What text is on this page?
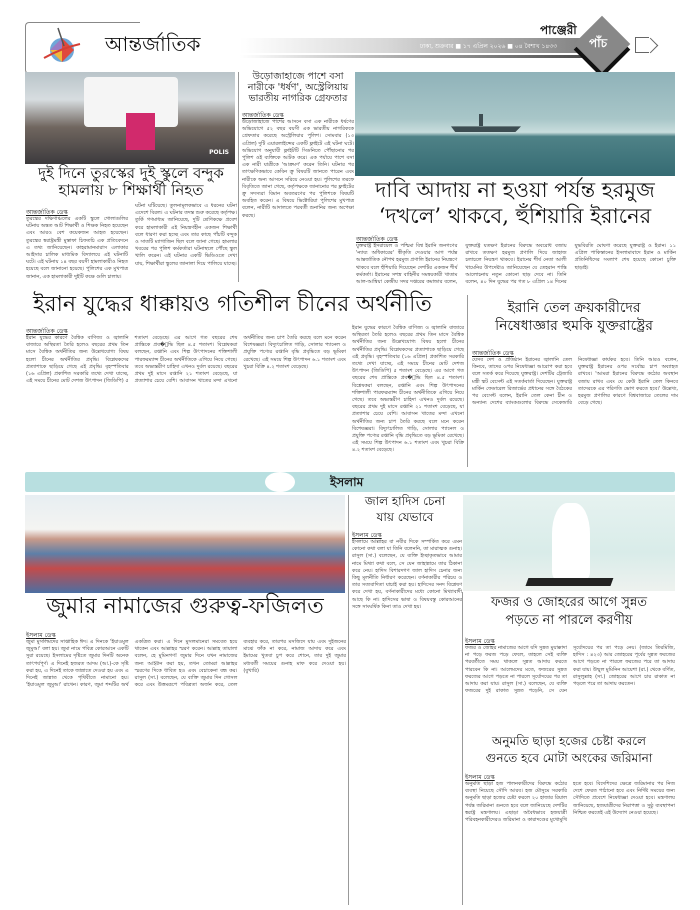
আন্তর্জাতিক
পাঞ্জেরী
ঢাকা, শুক্রবার ■ ১৭ এপ্রিল ২০২৬ ■ ০৪ বৈশাখ ১৪৩৩	পাঁচ
POLIS
দুই দিনে তুরস্কের দুই স্কুলে বন্দুক হামলায় ৮ শিক্ষার্থী নিহত
আন্তর্জাতিক ডেস্ক
তুরস্কের দক্ষিণাঞ্চলের একটি স্কুলে গোলাগুলির ঘটনায় অন্তত আট শিক্ষার্থী ও শিক্ষক নিহত হয়েছেন এবং আরও বেশ কয়েকজন আহত হয়েছেন। তুরস্কের স্বরাষ্ট্রমন্ত্রী মুস্তাফা চিফতচি এক প্রতিবেদনে এ তথ্য জানিয়েছেন। কাহরামানমারাস এলাকার আইসার চালিক মাধ্যমিক বিদ্যালয়ে এই ঘটনাটি ঘটে। এই ঘটনায় ১৪ বছর বয়সী হামলাকারীও নিহত হয়েছে বলে জানানো হয়েছে। পুলিশের এক মুখপাত্র জানান, এক হামলাকারী দুইটি কক্ষে গুলি চালায়।
ঘটনা ঘটিয়েছে। তুলনামূলকভাবে এ ধরনের ঘটনা এদেশে বিরল। এ ঘটনার তদন্ত শুরু করেছে কর্তৃপক্ষ। তুর্কি গণমাধ্যম জানিয়েছে, দুটি শ্রেণিকক্ষে প্রবেশ করে হামলাকারী এই নিয়ন্ত্রণহীন একজন শিক্ষার্থী বলে ধারণা করা হচ্ছে এবং তার কাছে পাঁচটি বন্দুক ও সাতটি ম্যাগাজিন ছিল বলে জানা গেছে। হামলার খবরের পর পুলিশ কর্মকর্তারা ঘটনাস্থলে পৌঁছে স্কুল খালি করেন। এই ঘটনার একটি ভিডিওতে দেখা যায়, শিক্ষার্থীরা স্কুলের জানালা দিয়ে পালিয়ে যাচ্ছে।
উড়োজাহাজে পাশে বসা নারীকে 'ধর্ষণ', অস্ট্রেলিয়ায় ভারতীয় নাগরিক গ্রেফতার
আন্তর্জাতিক ডেস্ক
উড়োজাহাজে পাশের আসনে বসা এক নারীকে ধর্ষণের অভিযোগে ৫২ বছর বয়সী এক ভারতীয় নাগরিককে গ্রেফতার করেছে অস্ট্রেলিয়ার পুলিশ। সোমবার (১৩ এপ্রিল) দুটি এয়ারলাইন্সের একটি ফ্লাইটে এই ঘটনা ঘটে। অভিযোগ অনুযায়ী ফ্লাইটটি সিডনিতে পৌঁছানোর পর পুলিশ ওই ব্যক্তিকে আটক করে। এক পর্যায়ে পাশে বসা এক নারী যাত্রীকে 'আক্রমণ' করেন তিনি। ঘটনার পর তাৎক্ষণিকভাবে কেবিন ক্রু বিষয়টি জানতে পারেন এবং নারীকে অন্য আসনে সরিয়ে নেওয়া হয়। পুলিশের তরফে বিবৃতিতে জানা গেছে, কর্তৃপক্ষকে জানানোর পর ফ্লাইটের ক্রু সদস্যরা বিমান অবতরণের পর পুলিশকে বিষয়টি অবহিত করেন। এ বিষয়ে ভিক্টোরিয়া পুলিশের মুখপাত্র বলেন, নারীটি আদালতে পরবর্তী শুনানির জন্য অপেক্ষা করছে।
দাবি আদায় না হওয়া পর্যন্ত হরমুজ
‘দখলে’ থাকবে, হুঁশিয়ারি ইরানের
আন্তর্জাতিক ডেস্ক
যুক্তরাষ্ট্র ইসরায়েল ও পশ্চিমা বিশ্ব ইরানি জনগণের 'ন্যায্য অধিকারের' স্বীকৃতি দেওয়ার আগ পর্যন্ত আন্তর্জাতিক নৌপথ হরমুজ প্রণালি ইরানের নিয়ন্ত্রণে থাকবে বলে হুঁশিয়ারি দিয়েছেন দেশটির একজন শীর্ষ কর্মকর্তা। ইরানের সশস্ত্র বাহিনীর সমন্বয়কারী খাতাম আল-আম্বিয়া কেন্দ্রীয় সদর দপ্তরের কমান্ডার বলেন, যুক্তরাষ্ট্র যতক্ষণ ইরানের বিরুদ্ধে অবরোধ বজায় রাখবে ততক্ষণ হরমুজ প্রণালি দিয়ে জাহাজ চলাচলে নিয়ন্ত্রণ থাকবে। ইরানের শীর্ষ নেতা আলী খামেনির উপদেষ্টাও জানিয়েছেন যে তেহরান শান্তি আলোচনায় নতুন কোনো ছাড় দেবে না। তিনি বলেন, ৪০ দিন যুদ্ধের পর গত ৮ এপ্রিল ১৪ দিনের যুদ্ধবিরতি ঘোষণা করেছে যুক্তরাষ্ট্র ও ইরান। ১১ এপ্রিল পাকিস্তানের ইসলামাবাদে ইরান ও মার্কিন প্রতিনিধিদের সংলাপ শেষ হয়েছে কোনো চুক্তি ছাড়াই।
ইরান যুদ্ধের ধাক্কায়ও গতিশীল চীনের অর্থনীতি
আন্তর্জাতিক ডেস্ক
ইরান যুদ্ধের কারণে বৈশ্বিক বাণিজ্য ও জ্বালানি বাজারে অস্থিরতা তৈরি হলেও বছরের প্রথম তিন মাসে বৈশ্বিক অর্থনীতির জন্য উল্লেখযোগ্য বিষয় হলো চীনের অর্থনীতির প্রবৃদ্ধি। বিশ্লেষকদের প্রত্যাশাকে ছাড়িয়ে গেছে এই প্রবৃদ্ধি। বৃহস্পতিবার (১৬ এপ্রিল) প্রকাশিত সরকারি তথ্যে দেখা যাচ্ছে, এই সময়ে চীনের মোট দেশজ উৎপাদন (জিডিপি) ৫ শতাংশ বেড়েছে। এর আগে গত বছরের শেষ প্রান্তিকে প্রব�ৃদ্ধি ছিল ৪.৫ শতাংশ। বিশ্লেষকরা বলছেন, রপ্তানি এবং শিল্প উৎপাদনের শক্তিশালী পারফরম্যান্স চীনের অর্থনীতিকে এগিয়ে নিয়ে গেছে। তবে অভ্যন্তরীণ চাহিদা এখনও দুর্বল রয়েছে। বছরের প্রথম দুই মাসে রপ্তানি ২১ শতাংশ বেড়েছে, যা প্রত্যাশার চেয়ে বেশি। আবাসন খাতের মন্দা এখনো অর্থনীতির জন্য চাপ তৈরি করছে বলে মনে করেন বিশেষজ্ঞরা। বিদ্যুৎচালিত গাড়ি, সোলার প্যানেল ও প্রযুক্তি পণ্যের রপ্তানি বৃদ্ধি প্রবৃদ্ধিতে বড় ভূমিকা রেখেছে। এই সময়ে শিল্প উৎপাদন ৬.১ শতাংশ এবং খুচরা বিক্রি ৪.২ শতাংশ বেড়েছে।
ইরান যুদ্ধের কারণে বৈশ্বিক বাণিজ্য ও জ্বালানি বাজারে অস্থিরতা তৈরি হলেও বছরের প্রথম তিন মাসে বৈশ্বিক অর্থনীতির জন্য উল্লেখযোগ্য বিষয় হলো চীনের অর্থনীতির প্রবৃদ্ধি। বিশ্লেষকদের প্রত্যাশাকে ছাড়িয়ে গেছে এই প্রবৃদ্ধি। বৃহস্পতিবার (১৬ এপ্রিল) প্রকাশিত সরকারি তথ্যে দেখা যাচ্ছে, এই সময়ে চীনের মোট দেশজ উৎপাদন (জিডিপি) ৫ শতাংশ বেড়েছে। এর আগে গত বছরের শেষ প্রান্তিকে প্রব�ৃদ্ধি ছিল ৪.৫ শতাংশ। বিশ্লেষকরা বলছেন, রপ্তানি এবং শিল্প উৎপাদনের শক্তিশালী পারফরম্যান্স চীনের অর্থনীতিকে এগিয়ে নিয়ে গেছে। তবে অভ্যন্তরীণ চাহিদা এখনও দুর্বল রয়েছে। বছরের প্রথম দুই মাসে রপ্তানি ২১ শতাংশ বেড়েছে, যা প্রত্যাশার চেয়ে বেশি। আবাসন খাতের মন্দা এখনো অর্থনীতির জন্য চাপ তৈরি করছে বলে মনে করেন বিশেষজ্ঞরা। বিদ্যুৎচালিত গাড়ি, সোলার প্যানেল ও প্রযুক্তি পণ্যের রপ্তানি বৃদ্ধি প্রবৃদ্ধিতে বড় ভূমিকা রেখেছে। এই সময়ে শিল্প উৎপাদন ৬.১ শতাংশ এবং খুচরা বিক্রি ৪.২ শতাংশ বেড়েছে।
ইরানি তেল ক্রয়কারীদের
নিষেধাজ্ঞার হুমকি যুক্তরাষ্ট্রের
আন্তর্জাতিক ডেস্ক
যেসব দেশ ও প্রতিষ্ঠান ইরানের জ্বালানি তেল কিনবে, তাদের ওপর নিষেধাজ্ঞা আরোপ করা হবে বলে সতর্ক করে দিয়েছে যুক্তরাষ্ট্র। দেশটির ট্রেজারি মন্ত্রী স্কট বেসেন্ট এই সতর্কবার্তা দিয়েছেন। যুক্তরাষ্ট্র মার্কিন ফেডারেল রিজার্ভের প্রধানের সঙ্গে বৈঠকের পর বেসেন্ট বলেন, ইরানি তেল কেনা চীন ও অন্যান্য দেশের ব্যাংকগুলোর বিরুদ্ধে সেকেন্ডারি নিষেধাজ্ঞা কার্যকর হবে। তিনি আরও বলেন, যুক্তরাষ্ট্র ইরানের ওপর সর্বোচ্চ চাপ অব্যাহত রাখবে। 'আমরা ইরানের বিরুদ্ধে কঠোর অবস্থান বজায় রাখব এবং যে কেউ ইরানি তেল কিনবে তাদেরকে এর পরিণতি ভোগ করতে হবে।' উল্লেখ্য, হরমুজ প্রণালির কারণে বিশ্ববাজারে তেলের দাম বেড়ে গেছে।
ইসলাম
জুমার নামাজের গুরুত্ব-ফজিলত
ইসলাম ডেস্ক
জুমা মুসলিমদের সাপ্তাহিক ঈদ। এ দিনকে 'ইয়াওমুল জুমুআ' বলা হয়। জুমা নামে পবিত্র কোরআনে একটি সুরা রয়েছে। ইসলামের দৃষ্টিতে জুমার দিনটি অনেক তাৎপর্যপূর্ণ। এ দিনেই হজরত আদম (আ.)-কে সৃষ্টি করা হয়, এ দিনেই তাকে জান্নাতে দেওয়া হয় এবং এ দিনেই জান্নাত থেকে পৃথিবীতে নামানো হয়। 'ইয়াওমুল জুমুআ' রাখেন। কারণ, জুমা শব্দটির অর্থ একত্রিত করা। এ দিনে মুসলমানেরা সমবেত হয়ে থাকেন এবং আল্লাহর স্মরণ করেন। আল্লাহ তায়ালা বলেন, হে মুমিনগণ! জুমার দিনে যখন নামাজের জন্য আহ্বান করা হয়, তখন তোমরা আল্লাহর স্মরণের দিকে ধাবিত হও এবং বেচাকেনা বন্ধ কর। রাসুল (সা.) বলেছেন, যে ব্যক্তি জুমার দিন গোসল করে এবং উত্তমরূপে পবিত্রতা অর্জন করে, তেল ব্যবহার করে, তারপর মসজিদে যায় এবং দুইজনের মাঝে ফাঁক না করে, নামাজ আদায় করে এবং ইমামের খুতবা চুপ করে শোনে, তার দুই জুমার মধ্যবর্তী সময়ের গুনাহ মাফ করে দেওয়া হয়। (বুখারি)
জাল হাদিস চেনা
যায় যেভাবে
ইসলাম ডেস্ক
ইসলামে আল্লাহর বা নবীর দিকে সম্পর্কিত করে এমন কোনো কথা বলা যা তিনি বলেননি, তা মারাত্মক গুনাহ। রাসুল (সা.) বলেছেন, যে ব্যক্তি ইচ্ছাকৃতভাবে আমার নামে মিথ্যা কথা বলে, সে যেন জাহান্নামে তার ঠিকানা করে নেয়। হাদিস বিশারদগণ জাল হাদিস চেনার জন্য কিছু মূলনীতি নির্ধারণ করেছেন। বর্ণনাকারীর পরিচয় ও তার সত্যবাদিতা যাচাই করা হয়। হাদিসের সনদ বিশ্লেষণ করে দেখা হয়, বর্ণনাকারীদের মধ্যে কোনো মিথ্যাবাদী আছে কি না। হাদিসের ভাষা ও বিষয়বস্তু কোরআনের সঙ্গে সাংঘর্ষিক কিনা তাও দেখা হয়।	ফজর ও জোহরের আগে সুন্নত
পড়তে না পারলে করণীয়
ইসলাম ডেস্ক
ফজর ও জোহর নামাজের আগে যদি সুন্নত মুয়াক্কাদা না পড়ে ফরজ পড়ে ফেলে, তাহলে সেই ব্যক্তি পরবর্তীতে সময় থাকলে সুন্নত আদায় করতে পারবেন কি না। আলেমদের মতে, ফজরের সুন্নত ফরজের আগে পড়তে না পারলে সূর্যোদয়ের পর তা আদায় করা যায়। রাসুল (সা.) বলেছেন, যে ব্যক্তি ফজরের দুই রাকাত সুন্নত পড়েনি, সে যেন সূর্যোদয়ের পর তা পড়ে নেয়। (জামে তিরমিজি, হাদিস : ৪২৩) আর জোহরের পূর্বের সুন্নত ফরজের আগে পড়তে না পারলে ফরজের পরে তা আদায় করা যায়। উম্মুল মুমিনিন আয়েশা (রা.) থেকে বর্ণিত, রাসুলুল্লাহ (সা.) জোহরের আগে চার রাকাত না পড়লে পরে তা আদায় করতেন।
অনুমতি ছাড়া হজের চেষ্টা করলে
গুনতে হবে মোটা অংকের জরিমানা
ইসলাম ডেস্ক
অনুমতি ছাড়া হজ পালনকারীদের বিরুদ্ধে কঠোর ব্যবস্থা নিয়েছে সৌদি আরব। হজ মৌসুমে সরকারি অনুমতি ছাড়া হজের চেষ্টা করলে ২০ হাজার রিয়াল পর্যন্ত জরিমানা গুনতে হবে বলে জানিয়েছে দেশটির স্বরাষ্ট্র মন্ত্রণালয়। এছাড়া অবৈধভাবে হজযাত্রী পরিবহনকারীদেরও জরিমানা ও কারাদণ্ডের মুখোমুখি হতে হবে। বিদেশিদের ক্ষেত্রে জরিমানার পর নিজ দেশে ফেরত পাঠানো হবে এবং নির্দিষ্ট সময়ের জন্য সৌদিতে প্রবেশে নিষেধাজ্ঞা দেওয়া হবে। মন্ত্রণালয় জানিয়েছে, হজযাত্রীদের নিরাপত্তা ও সুষ্ঠু ব্যবস্থাপনা নিশ্চিত করতেই এই উদ্যোগ নেওয়া হয়েছে।
